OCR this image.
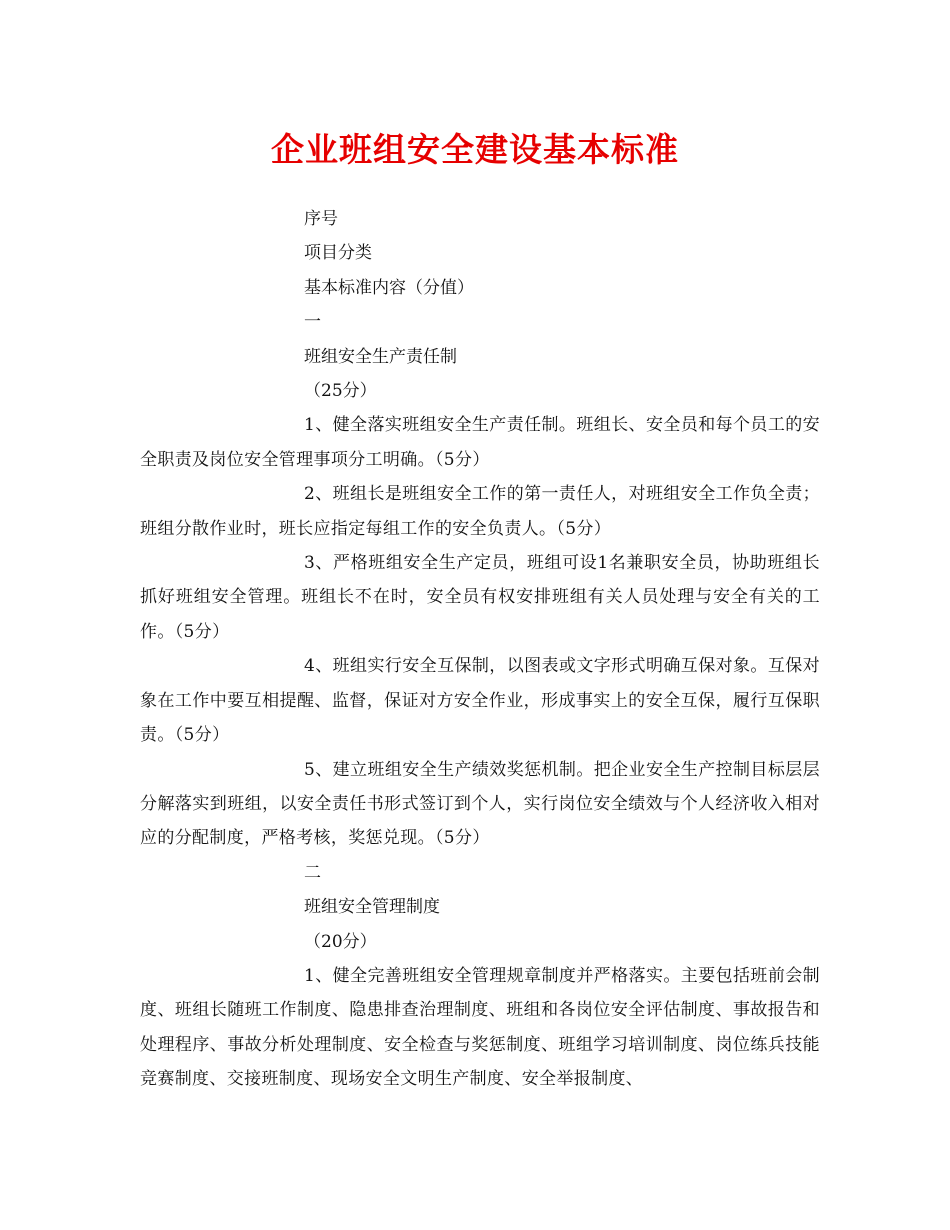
企业班组安全建设基本标准

序号

项目分类

基本标准内容（分值）

一

班组安全生产责任制

（25分）

1、健全落实班组安全生产责任制。班组长、安全员和每个员工的安全职责及岗位安全管理事项分工明确。（5分）

2、班组长是班组安全工作的第一责任人，对班组安全工作负全责；班组分散作业时，班长应指定每组工作的安全负责人。（5分）

3、严格班组安全生产定员，班组可设1名兼职安全员，协助班组长抓好班组安全管理。班组长不在时，安全员有权安排班组有关人员处理与安全有关的工作。（5分）

4、班组实行安全互保制，以图表或文字形式明确互保对象。互保对象在工作中要互相提醒、监督，保证对方安全作业，形成事实上的安全互保，履行互保职责。（5分）

5、建立班组安全生产绩效奖惩机制。把企业安全生产控制目标层层分解落实到班组，以安全责任书形式签订到个人，实行岗位安全绩效与个人经济收入相对应的分配制度，严格考核，奖惩兑现。（5分）

二

班组安全管理制度

（20分）

1、健全完善班组安全管理规章制度并严格落实。主要包括班前会制度、班组长随班工作制度、隐患排查治理制度、班组和各岗位安全评估制度、事故报告和处理程序、事故分析处理制度、安全检查与奖惩制度、班组学习培训制度、岗位练兵技能竞赛制度、交接班制度、现场安全文明生产制度、安全举报制度、
